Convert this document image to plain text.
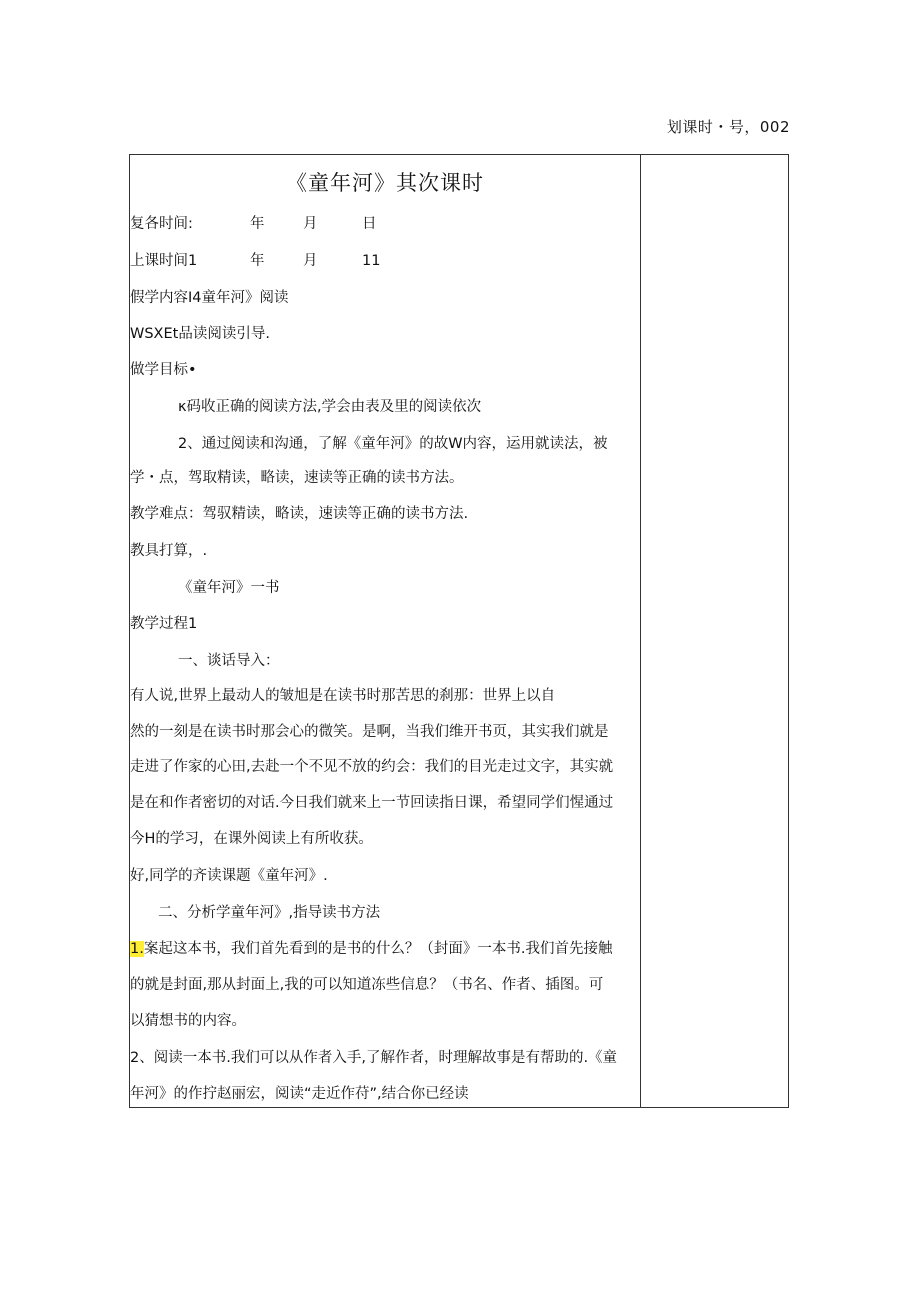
划课时・号，002
《童年河》其次课时
复各时间:	年	月	日
上课时间1	年	月	11
假学内容I4童年河》阅读
WSXEt品读阅读引导.
做学目标•
κ码收正确的阅读方法,学会由表及里的阅读依次
2、通过阅读和沟通，了解《童年河》的故W内容，运用就读法，被
学・点，驾取精读，略读，速读等正确的读书方法。
教学难点：驾驭精读，略读，速读等正确的读书方法.
教具打算，.
《童年河》一书
教学过程1
一、谈话导入：
有人说,世界上最动人的皱旭是在读书时那苦思的刹那：世界上以自
然的一刻是在读书时那会心的微笑。是啊，当我们维开书页，其实我们就是
走进了作家的心田,去赴一个不见不放的约会：我们的目光走过文字，其实就
是在和作者密切的对话.今日我们就来上一节回读指日课，希望同学们惺通过
今H的学习，在课外阅读上有所收获。
好,同学的齐读课题《童年河》.
二、分析学童年河》,指导读书方法
1.案起这本书，我们首先看到的是书的什么？（封面》一本书.我们首先接触
的就是封面,那从封面上,我的可以知道冻些信息？（书名、作者、插图。可
以猜想书的内容。
2、阅读一本书.我们可以从作者入手,了解作者，时理解故事是有帮助的.《童
年河》的作拧赵丽宏，阅读“走近作苻”,结合你已经读
